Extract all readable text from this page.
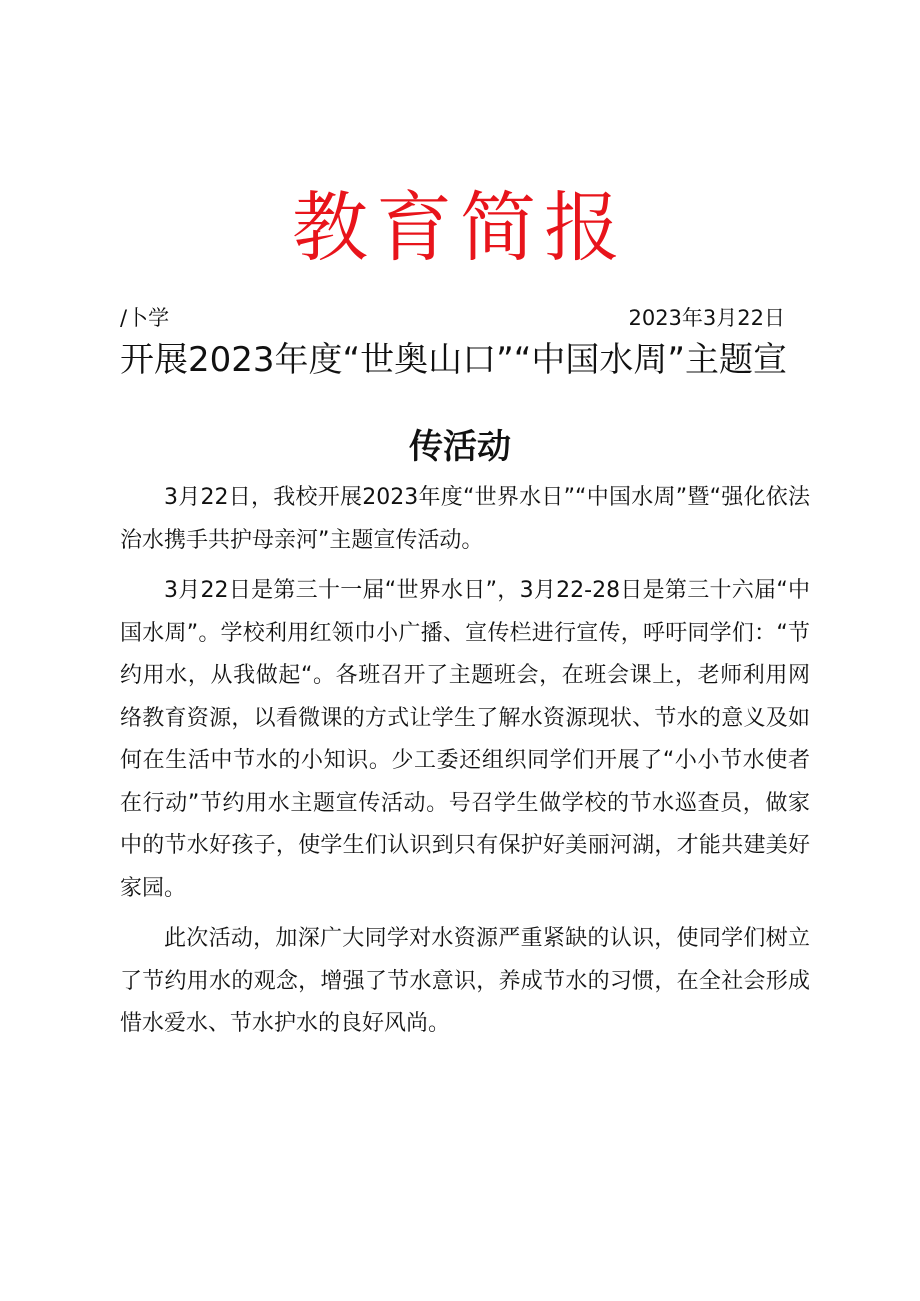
教育简报
/卜学	2023年3月22日
开展2023年度“世奥山口”“中国水周”主题宣
传活动

3月22日，我校开展2023年度“世界水日”“中国水周”暨“强化依法治水携手共护母亲河”主题宣传活动。

3月22日是第三十一届“世界水日”，3月22-28日是第三十六届“中国水周”。学校利用红领巾小广播、宣传栏进行宣传，呼吁同学们：“节约用水，从我做起“。各班召开了主题班会，在班会课上，老师利用网络教育资源，以看微课的方式让学生了解水资源现状、节水的意义及如何在生活中节水的小知识。少工委还组织同学们开展了“小小节水使者在行动”节约用水主题宣传活动。号召学生做学校的节水巡查员，做家中的节水好孩子，使学生们认识到只有保护好美丽河湖，才能共建美好家园。

此次活动，加深广大同学对水资源严重紧缺的认识，使同学们树立了节约用水的观念，增强了节水意识，养成节水的习惯，在全社会形成惜水爱水、节水护水的良好风尚。
